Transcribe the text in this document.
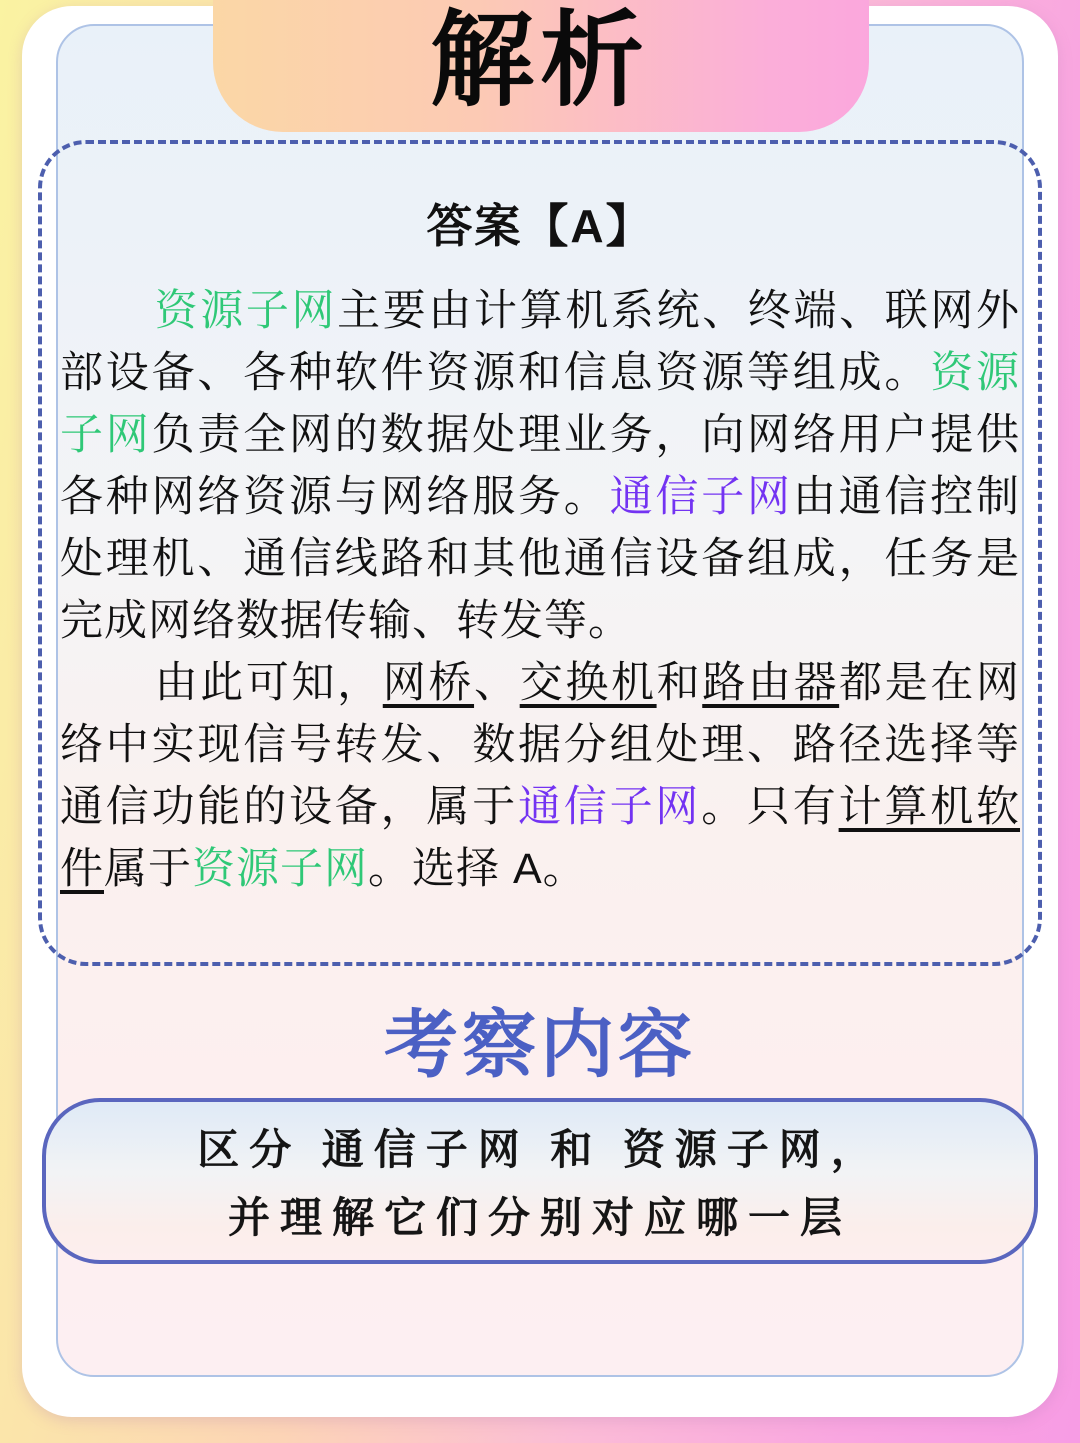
解析
答案【A】

资源子网主要由计算机系统、终端、联网外部设备、各种软件资源和信息资源等组成。资源子网负责全网的数据处理业务，向网络用户提供各种网络资源与网络服务。通信子网由通信控制处理机、通信线路和其他通信设备组成，任务是完成网络数据传输、转发等。

由此可知，网桥、交换机和路由器都是在网络中实现信号转发、数据分组处理、路径选择等通信功能的设备，属于通信子网。只有计算机软件属于资源子网。选择 A。

考察内容
区分 通信子网 和 资源子网，
并理解它们分别对应哪一层
